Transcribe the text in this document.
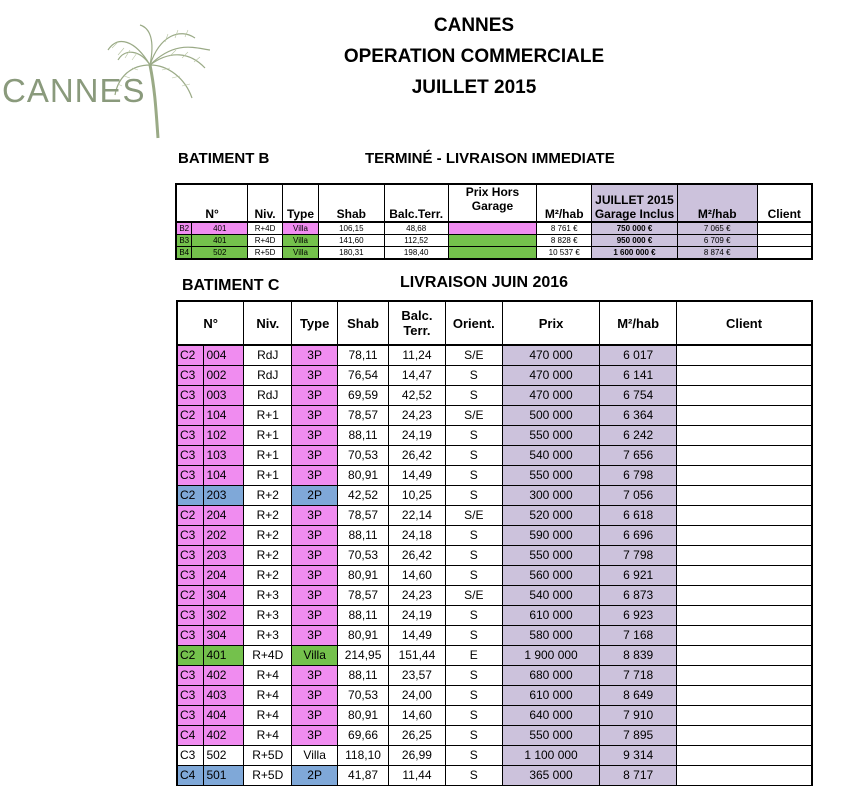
CANNES
CANNES
OPERATION COMMERCIALE
JUILLET 2015
BATIMENT B	TERMINÉ - LIVRAISON IMMEDIATE
N°		Niv.	Type	Shab	Balc.Terr.	Prix Hors Garage	M²/hab	JUILLET 2015 Garage Inclus	M²/hab	Client
B2	401	R+4D	Villa	106,15	48,68		8 761 €	750 000 €	7 065 €	
B3	401	R+4D	Villa	141,60	112,52		8 828 €	950 000 €	6 709 €	
B4	502	R+5D	Villa	180,31	198,40		10 537 €	1 600 000 €	8 874 €	
BATIMENT C	LIVRAISON JUIN 2016
N°		Niv.	Type	Shab	Balc. Terr.	Orient.	Prix	M²/hab	Client
C2	004	RdJ	3P	78,11	11,24	S/E	470 000	6 017	
C3	002	RdJ	3P	76,54	14,47	S	470 000	6 141	
C3	003	RdJ	3P	69,59	42,52	S	470 000	6 754	
C2	104	R+1	3P	78,57	24,23	S/E	500 000	6 364	
C3	102	R+1	3P	88,11	24,19	S	550 000	6 242	
C3	103	R+1	3P	70,53	26,42	S	540 000	7 656	
C3	104	R+1	3P	80,91	14,49	S	550 000	6 798	
C2	203	R+2	2P	42,52	10,25	S	300 000	7 056	
C2	204	R+2	3P	78,57	22,14	S/E	520 000	6 618	
C3	202	R+2	3P	88,11	24,18	S	590 000	6 696	
C3	203	R+2	3P	70,53	26,42	S	550 000	7 798	
C3	204	R+2	3P	80,91	14,60	S	560 000	6 921	
C2	304	R+3	3P	78,57	24,23	S/E	540 000	6 873	
C3	302	R+3	3P	88,11	24,19	S	610 000	6 923	
C3	304	R+3	3P	80,91	14,49	S	580 000	7 168	
C2	401	R+4D	Villa	214,95	151,44	E	1 900 000	8 839	
C3	402	R+4	3P	88,11	23,57	S	680 000	7 718	
C3	403	R+4	3P	70,53	24,00	S	610 000	8 649	
C3	404	R+4	3P	80,91	14,60	S	640 000	7 910	
C4	402	R+4	3P	69,66	26,25	S	550 000	7 895	
C3	502	R+5D	Villa	118,10	26,99	S	1 100 000	9 314	
C4	501	R+5D	2P	41,87	11,44	S	365 000	8 717	
